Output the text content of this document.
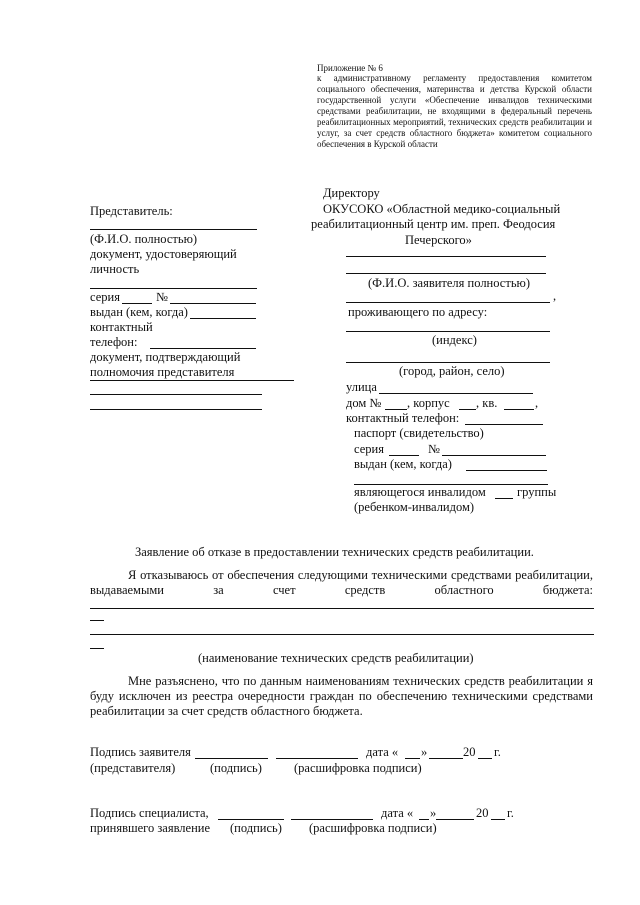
Приложение № 6
к административному регламенту предоставления комитетом социального обеспечения, материнства и детства Курской области государственной услуги «Обеспечение инвалидов техническими средствами реабилитации, не входящими в федеральный перечень реабилитационных мероприятий, технических средств реабилитации и услуг, за счет средств областного бюджета» комитетом социального обеспечения в Курской области
Директору
ОКУСОКО «Областной медико-социальный
реабилитационный центр им. преп. Феодосия
Печерского»
(Ф.И.О. заявителя полностью)
,
проживающего по адресу:
(индекс)
(город, район, село)
улица
дом № , корпус , кв.	,
контактный телефон:
паспорт (свидетельство)
серия	№
выдан (кем, когда)
являющегося инвалидом группы
(ребенком-инвалидом)
Представитель:
(Ф.И.О. полностью)
документ, удостоверяющий
личность
серия	№
выдан (кем, когда)
контактный
телефон:
документ, подтверждающий
полномочия представителя
Заявление об отказе в предоставлении технических средств реабилитации.
Я отказываюсь от обеспечения следующими техническими средствами реабилитации, выдаваемыми за счет средств областного бюджета:
(наименование технических средств реабилитации)
Мне разъяснено, что по данным наименованиям технических средств реабилитации я буду исключен из реестра очередности граждан по обеспечению техническими средствами реабилитации за счет средств областного бюджета.
Подпись заявителя	дата « »	20 г.
(представителя)	(подпись)	(расшифровка подписи)
Подпись специалиста,	дата « »	20 г.
принявшего заявление (подпись) (расшифровка подписи)
